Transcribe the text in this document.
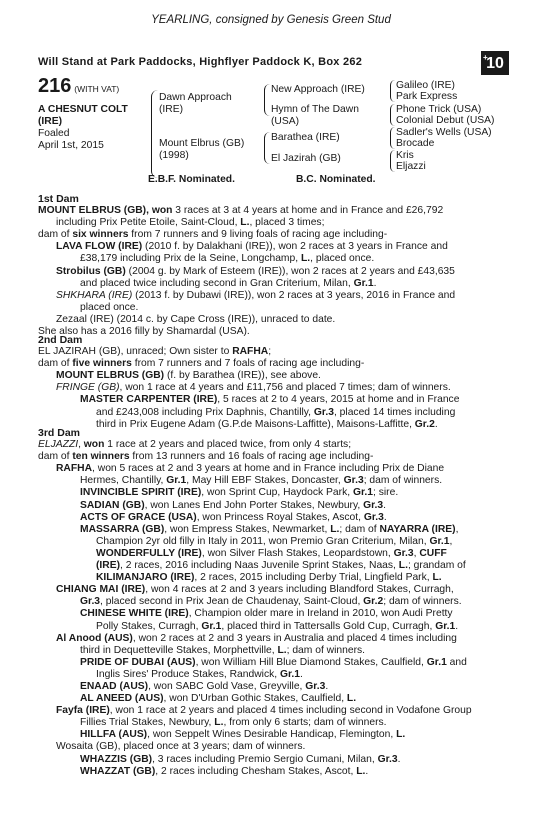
YEARLING, consigned by Genesis Green Stud
Will Stand at Park Paddocks, Highflyer Paddock K, Box 262	+
10
216 (WITH VAT)
A CHESNUT COLT
(IRE)
Foaled
April 1st, 2015
Dawn Approach
(IRE)
Mount Elbrus (GB)
(1998)
New Approach (IRE)
Hymn of The Dawn
(USA)
Barathea (IRE)
El Jazirah (GB)
Galileo (IRE)
Park Express
Phone Trick (USA)
Colonial Debut (USA)
Sadler's Wells (USA)
Brocade
Kris
Eljazzi
E.B.F. Nominated.	B.C. Nominated.
1st Dam
MOUNT ELBRUS (GB), won 3 races at 3 at 4 years at home and in France and £26,792
including Prix Petite Etoile, Saint-Cloud, L., placed 3 times;
dam of six winners from 7 runners and 9 living foals of racing age including-
LAVA FLOW (IRE) (2010 f. by Dalakhani (IRE)), won 2 races at 3 years in France and
£38,179 including Prix de la Seine, Longchamp, L., placed once.
Strobilus (GB) (2004 g. by Mark of Esteem (IRE)), won 2 races at 2 years and £43,635
and placed twice including second in Gran Criterium, Milan, Gr.1.
SHKHARA (IRE) (2013 f. by Dubawi (IRE)), won 2 races at 3 years, 2016 in France and
placed once.
Zezaal (IRE) (2014 c. by Cape Cross (IRE)), unraced to date.
She also has a 2016 filly by Shamardal (USA).
2nd Dam
EL JAZIRAH (GB), unraced; Own sister to RAFHA;
dam of five winners from 7 runners and 7 foals of racing age including-
MOUNT ELBRUS (GB) (f. by Barathea (IRE)), see above.
FRINGE (GB), won 1 race at 4 years and £11,756 and placed 7 times; dam of winners.
MASTER CARPENTER (IRE), 5 races at 2 to 4 years, 2015 at home and in France
and £243,008 including Prix Daphnis, Chantilly, Gr.3, placed 14 times including
third in Prix Eugene Adam (G.P.de Maisons-Laffitte), Maisons-Laffitte, Gr.2.
3rd Dam
ELJAZZI, won 1 race at 2 years and placed twice, from only 4 starts;
dam of ten winners from 13 runners and 16 foals of racing age including-
RAFHA, won 5 races at 2 and 3 years at home and in France including Prix de Diane
Hermes, Chantilly, Gr.1, May Hill EBF Stakes, Doncaster, Gr.3; dam of winners.
INVINCIBLE SPIRIT (IRE), won Sprint Cup, Haydock Park, Gr.1; sire.
SADIAN (GB), won Lanes End John Porter Stakes, Newbury, Gr.3.
ACTS OF GRACE (USA), won Princess Royal Stakes, Ascot, Gr.3.
MASSARRA (GB), won Empress Stakes, Newmarket, L.; dam of NAYARRA (IRE),
Champion 2yr old filly in Italy in 2011, won Premio Gran Criterium, Milan, Gr.1,
WONDERFULLY (IRE), won Silver Flash Stakes, Leopardstown, Gr.3, CUFF
(IRE), 2 races, 2016 including Naas Juvenile Sprint Stakes, Naas, L.; grandam of
KILIMANJARO (IRE), 2 races, 2015 including Derby Trial, Lingfield Park, L.
CHIANG MAI (IRE), won 4 races at 2 and 3 years including Blandford Stakes, Curragh,
Gr.3, placed second in Prix Jean de Chaudenay, Saint-Cloud, Gr.2; dam of winners.
CHINESE WHITE (IRE), Champion older mare in Ireland in 2010, won Audi Pretty
Polly Stakes, Curragh, Gr.1, placed third in Tattersalls Gold Cup, Curragh, Gr.1.
Al Anood (AUS), won 2 races at 2 and 3 years in Australia and placed 4 times including
third in Dequetteville Stakes, Morphettville, L.; dam of winners.
PRIDE OF DUBAI (AUS), won William Hill Blue Diamond Stakes, Caulfield, Gr.1 and
Inglis Sires' Produce Stakes, Randwick, Gr.1.
ENAAD (AUS), won SABC Gold Vase, Greyville, Gr.3.
AL ANEED (AUS), won D'Urban Gothic Stakes, Caulfield, L.
Fayfa (IRE), won 1 race at 2 years and placed 4 times including second in Vodafone Group
Fillies Trial Stakes, Newbury, L., from only 6 starts; dam of winners.
HILLFA (AUS), won Seppelt Wines Desirable Handicap, Flemington, L.
Wosaita (GB), placed once at 3 years; dam of winners.
WHAZZIS (GB), 3 races including Premio Sergio Cumani, Milan, Gr.3.
WHAZZAT (GB), 2 races including Chesham Stakes, Ascot, L..
